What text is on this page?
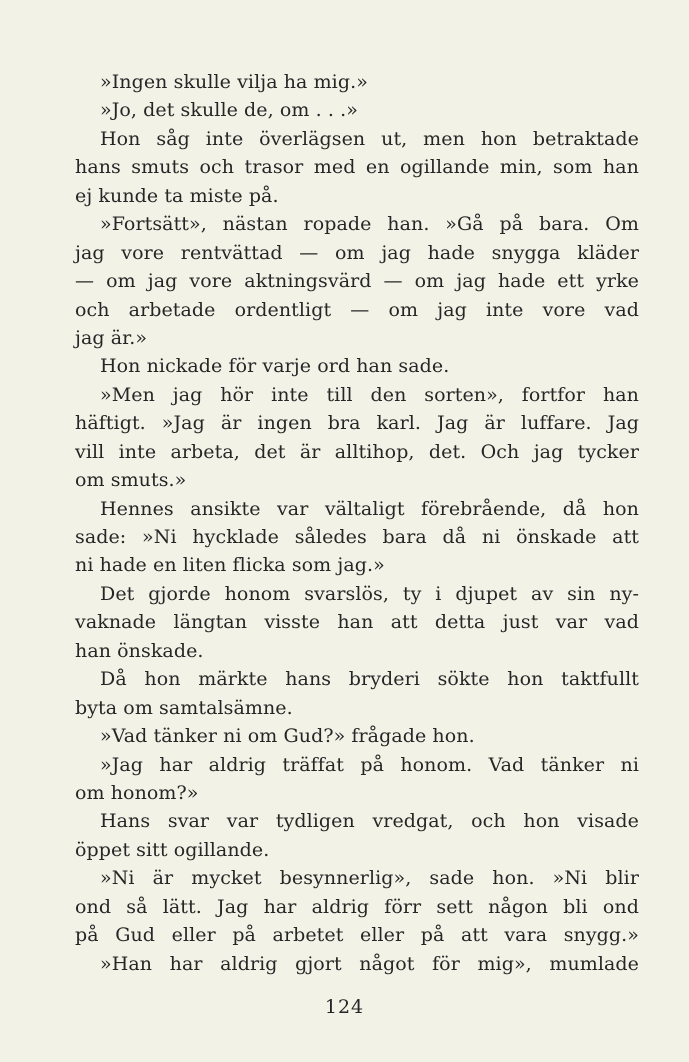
»Ingen skulle vilja ha mig.»
»Jo, det skulle de, om . . .»
Hon såg inte överlägsen ut, men hon betraktade
hans smuts och trasor med en ogillande min, som han
ej kunde ta miste på.
»Fortsätt», nästan ropade han. »Gå på bara. Om
jag vore rentvättad — om jag hade snygga kläder
— om jag vore aktningsvärd — om jag hade ett yrke
och arbetade ordentligt — om jag inte vore vad
jag är.»
Hon nickade för varje ord han sade.
»Men jag hör inte till den sorten», fortfor han
häftigt. »Jag är ingen bra karl. Jag är luffare. Jag
vill inte arbeta, det är alltihop, det. Och jag tycker
om smuts.»
Hennes ansikte var vältaligt förebrående, då hon
sade: »Ni hycklade således bara då ni önskade att
ni hade en liten flicka som jag.»
Det gjorde honom svarslös, ty i djupet av sin ny-
vaknade längtan visste han att detta just var vad
han önskade.
Då hon märkte hans bryderi sökte hon taktfullt
byta om samtalsämne.
»Vad tänker ni om Gud?» frågade hon.
»Jag har aldrig träffat på honom. Vad tänker ni
om honom?»
Hans svar var tydligen vredgat, och hon visade
öppet sitt ogillande.
»Ni är mycket besynnerlig», sade hon. »Ni blir
ond så lätt. Jag har aldrig förr sett någon bli ond
på Gud eller på arbetet eller på att vara snygg.»
»Han har aldrig gjort något för mig», mumlade
124
